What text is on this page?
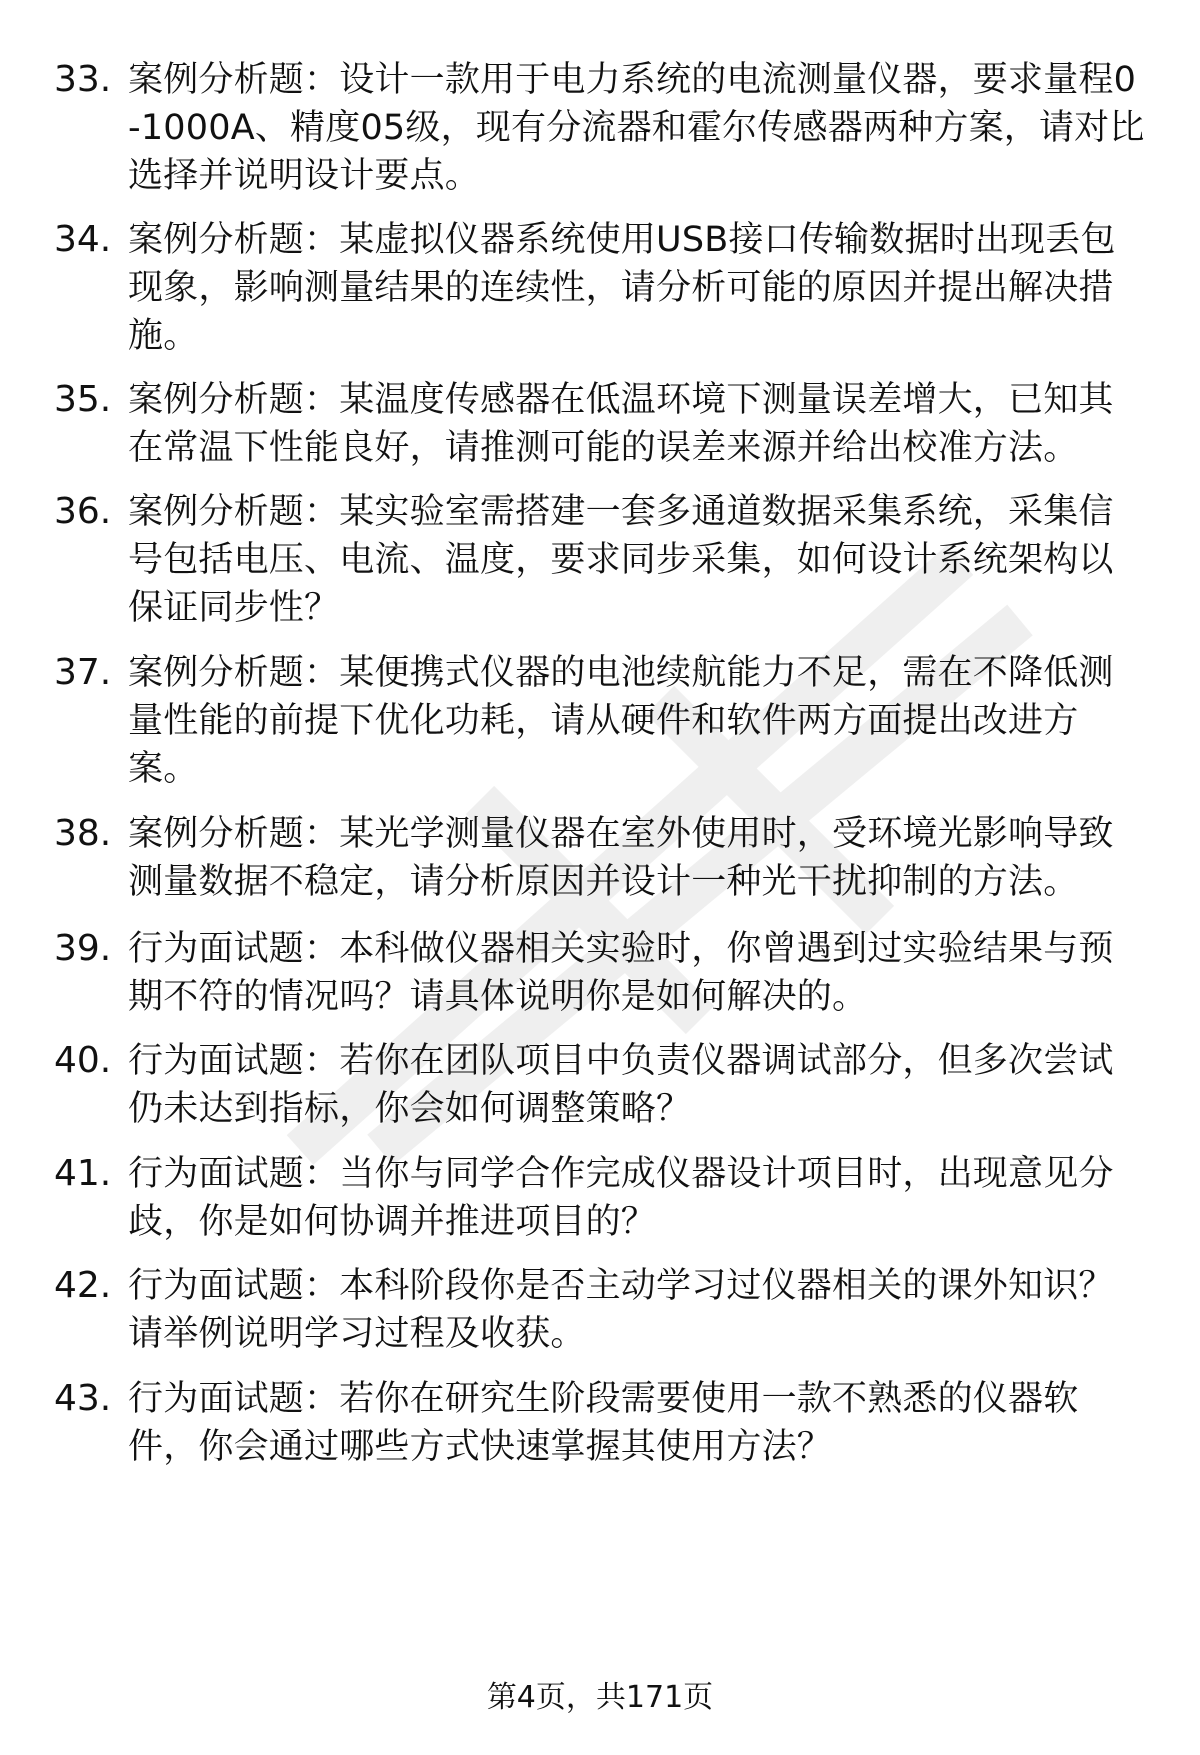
33. 案例分析题：设计一款用于电力系统的电流测量仪器，要求量程0-1000A、精度05级，现有分流器和霍尔传感器两种方案，请对比选择并说明设计要点。
34. 案例分析题：某虚拟仪器系统使用USB接口传输数据时出现丢包现象，影响测量结果的连续性，请分析可能的原因并提出解决措施。
35. 案例分析题：某温度传感器在低温环境下测量误差增大，已知其在常温下性能良好，请推测可能的误差来源并给出校准方法。
36. 案例分析题：某实验室需搭建一套多通道数据采集系统，采集信号包括电压、电流、温度，要求同步采集，如何设计系统架构以保证同步性？
37. 案例分析题：某便携式仪器的电池续航能力不足，需在不降低测量性能的前提下优化功耗，请从硬件和软件两方面提出改进方案。
38. 案例分析题：某光学测量仪器在室外使用时，受环境光影响导致测量数据不稳定，请分析原因并设计一种光干扰抑制的方法。
39. 行为面试题：本科做仪器相关实验时，你曾遇到过实验结果与预期不符的情况吗？请具体说明你是如何解决的。
40. 行为面试题：若你在团队项目中负责仪器调试部分，但多次尝试仍未达到指标，你会如何调整策略？
41. 行为面试题：当你与同学合作完成仪器设计项目时，出现意见分歧，你是如何协调并推进项目的？
42. 行为面试题：本科阶段你是否主动学习过仪器相关的课外知识？请举例说明学习过程及收获。
43. 行为面试题：若你在研究生阶段需要使用一款不熟悉的仪器软件，你会通过哪些方式快速掌握其使用方法？
第4页，共171页
